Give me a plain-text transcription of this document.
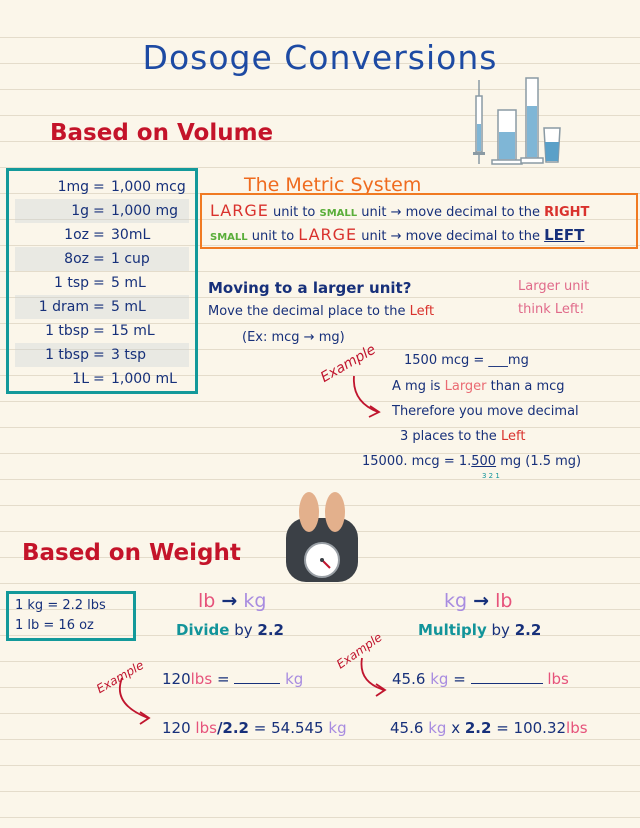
Dosoge Conversions
Based on Volume
1mg = 1,000 mcg
1g = 1,000 mg
1oz = 30mL
8oz = 1 cup
1 tsp = 5 mL
1 dram = 5 mL
1 tbsp = 15 mL
1 tbsp = 3 tsp
1L = 1,000 mL
The Metric System
LARGE unit to SMALL unit → move decimal to the RIGHT
SMALL unit to LARGE unit → move decimal to the LEFT
Moving to a larger unit?
Move the decimal place to the Left
(Ex: mcg → mg)
Larger unit
think Left!
Example 1500 mcg = ___mg
A mg is Larger than a mcg
Therefore you move decimal
3 places to the Left
15000. mcg = 1.500 mg (1.5 mg)
3 2 1
Based on Weight
1 kg = 2.2 lbs
1 lb = 16 oz
lb → kg
Divide by 2.2
kg → lb
Multiply by 2.2
Example
Example
120lbs =	kg	45.6 kg =	lbs
120 lbs/2.2 = 54.545 kg	45.6 kg x 2.2 = 100.32lbs
